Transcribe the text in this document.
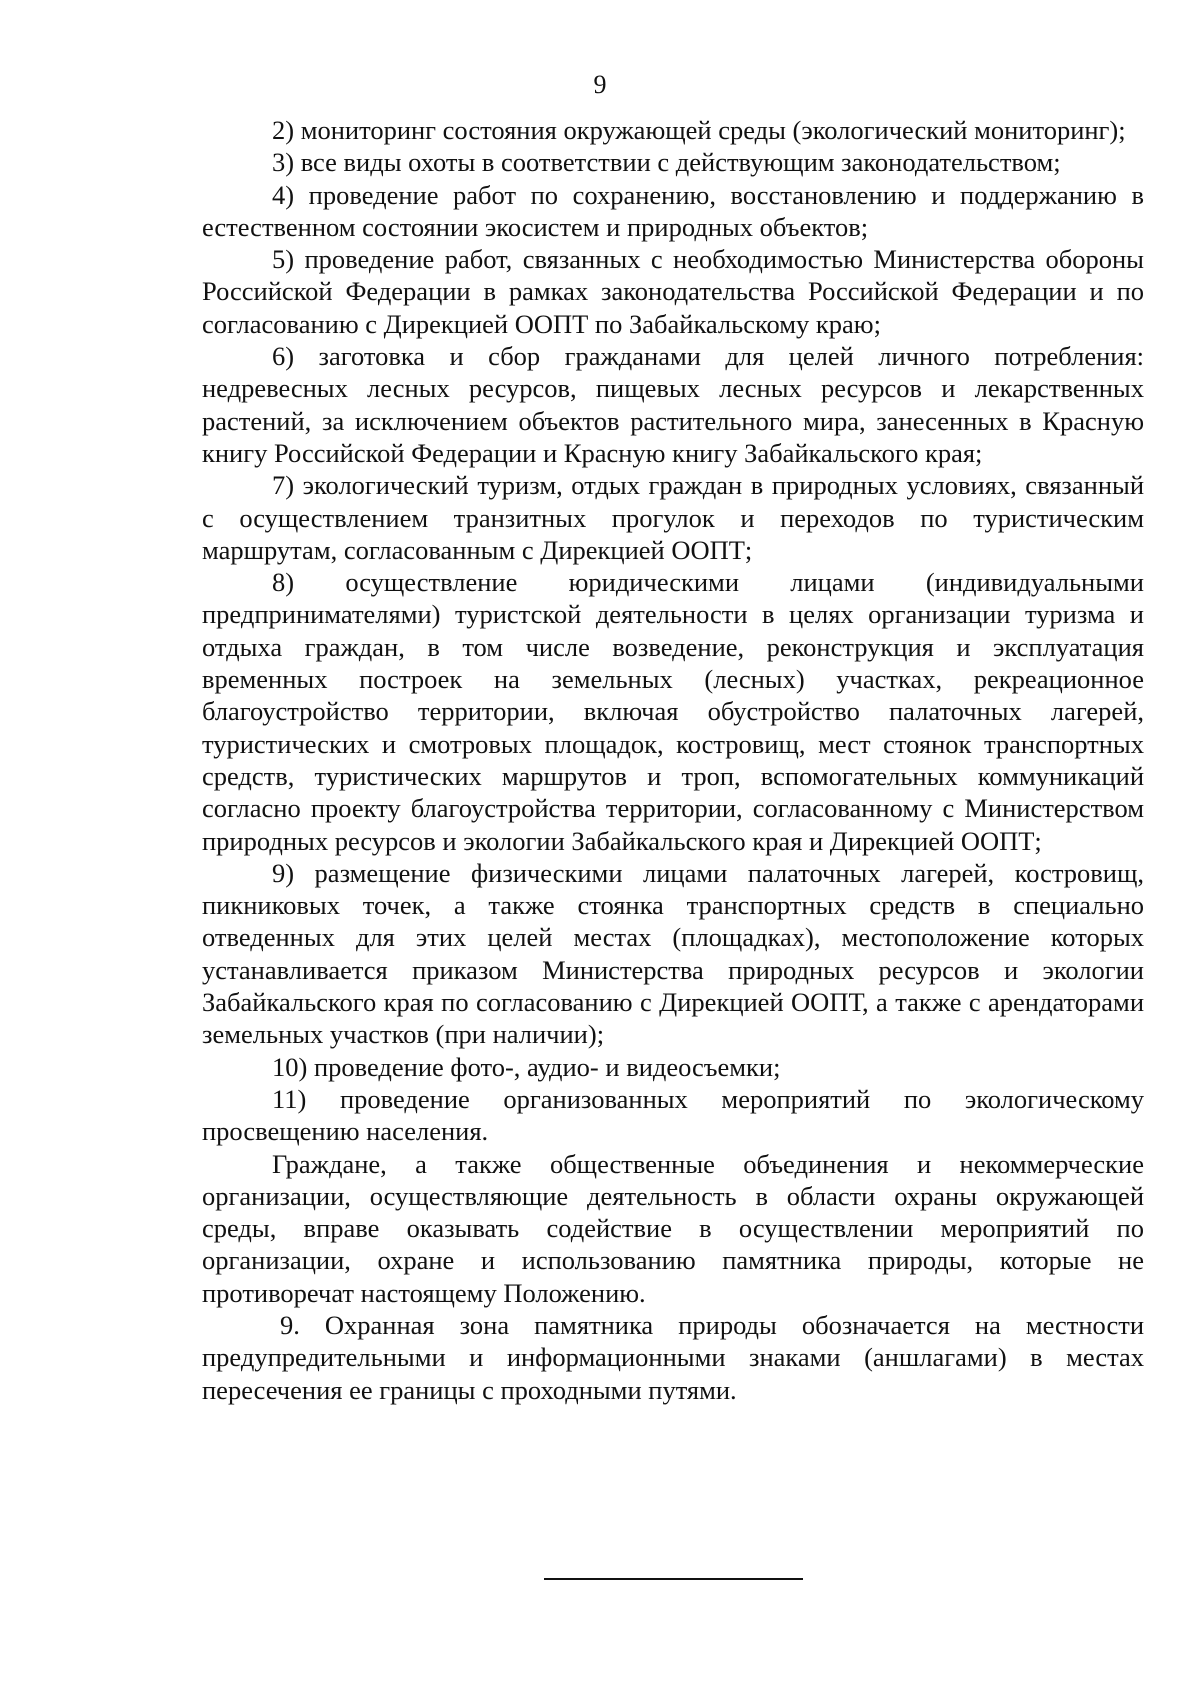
9

2) мониторинг состояния окружающей среды (экологический мониторинг);

3) все виды охоты в соответствии с действующим законодательством;

4) проведение работ по сохранению, восстановлению и поддержанию в естественном состоянии экосистем и природных объектов;

5) проведение работ, связанных с необходимостью Министерства обороны Российской Федерации в рамках законодательства Российской Федерации и по согласованию с Дирекцией ООПТ по Забайкальскому краю;

6) заготовка и сбор гражданами для целей личного потребления: недревесных лесных ресурсов, пищевых лесных ресурсов и лекарственных растений, за исключением объектов растительного мира, занесенных в Красную книгу Российской Федерации и Красную книгу Забайкальского края;

7) экологический туризм, отдых граждан в природных условиях, связанный с осуществлением транзитных прогулок и переходов по туристическим маршрутам, согласованным с Дирекцией ООПТ;

8) осуществление юридическими лицами (индивидуальными предпринимателями) туристской деятельности в целях организации туризма и отдыха граждан, в том числе возведение, реконструкция и эксплуатация временных построек на земельных (лесных) участках, рекреационное благоустройство территории, включая обустройство палаточных лагерей, туристических и смотровых площадок, костровищ, мест стоянок транспортных средств, туристических маршрутов и троп, вспомогательных коммуникаций согласно проекту благоустройства территории, согласованному с Министерством природных ресурсов и экологии Забайкальского края и Дирекцией ООПТ;

9) размещение физическими лицами палаточных лагерей, костровищ, пикниковых точек, а также стоянка транспортных средств в специально отведенных для этих целей местах (площадках), местоположение которых устанавливается приказом Министерства природных ресурсов и экологии Забайкальского края по согласованию с Дирекцией ООПТ, а также с арендаторами земельных участков (при наличии);

10) проведение фото-, аудио- и видеосъемки;

11) проведение организованных мероприятий по экологическому просвещению населения.

Граждане, а также общественные объединения и некоммерческие организации, осуществляющие деятельность в области охраны окружающей среды, вправе оказывать содействие в осуществлении мероприятий по организации, охране и использованию памятника природы, которые не противоречат настоящему Положению.

9. Охранная зона памятника природы обозначается на местности предупредительными и информационными знаками (аншлагами) в местах пересечения ее границы с проходными путями.
